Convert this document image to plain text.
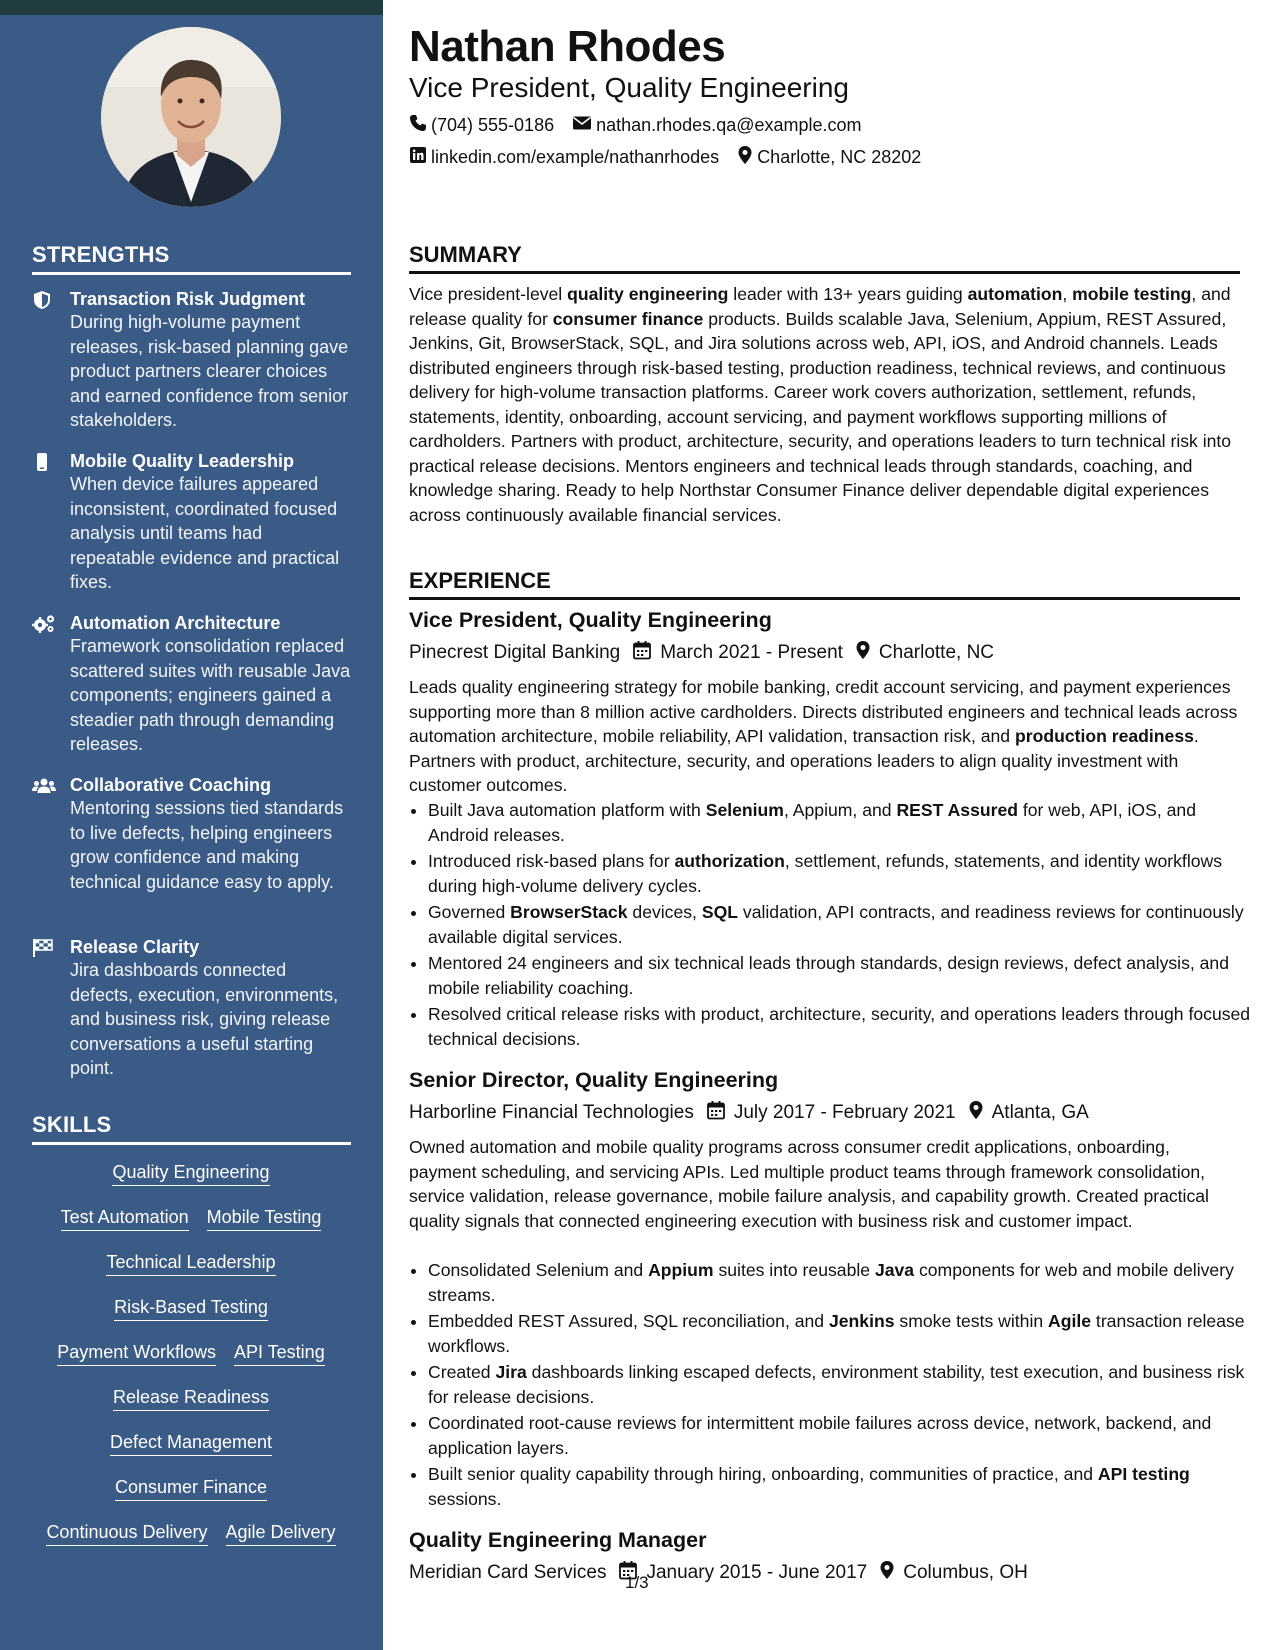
STRENGTHS
Transaction Risk Judgment
During high-volume payment releases, risk-based planning gave product partners clearer choices and earned confidence from senior stakeholders.
Mobile Quality Leadership
When device failures appeared inconsistent, coordinated focused analysis until teams had repeatable evidence and practical fixes.
Automation Architecture
Framework consolidation replaced scattered suites with reusable Java components; engineers gained a steadier path through demanding releases.
Collaborative Coaching
Mentoring sessions tied standards to live defects, helping engineers grow confidence and making technical guidance easy to apply.
Release Clarity
Jira dashboards connected defects, execution, environments, and business risk, giving release conversations a useful starting point.
SKILLS
Quality Engineering
Test Automation Mobile Testing
Technical Leadership
Risk-Based Testing
Payment Workflows API Testing
Release Readiness
Defect Management
Consumer Finance
Continuous Delivery Agile Delivery
Nathan Rhodes
Vice President, Quality Engineering
(704) 555-0186 nathan.rhodes.qa@example.com
linkedin.com/example/nathanrhodes Charlotte, NC 28202
SUMMARY
Vice president-level quality engineering leader with 13+ years guiding automation, mobile testing, and release quality for consumer finance products. Builds scalable Java, Selenium, Appium, REST Assured, Jenkins, Git, BrowserStack, SQL, and Jira solutions across web, API, iOS, and Android channels. Leads distributed engineers through risk-based testing, production readiness, technical reviews, and continuous delivery for high-volume transaction platforms. Career work covers authorization, settlement, refunds, statements, identity, onboarding, account servicing, and payment workflows supporting millions of cardholders. Partners with product, architecture, security, and operations leaders to turn technical risk into practical release decisions. Mentors engineers and technical leads through standards, coaching, and knowledge sharing. Ready to help Northstar Consumer Finance deliver dependable digital experiences across continuously available financial services.
EXPERIENCE
Vice President, Quality Engineering
Pinecrest Digital Banking March 2021 - Present Charlotte, NC
Leads quality engineering strategy for mobile banking, credit account servicing, and payment experiences supporting more than 8 million active cardholders. Directs distributed engineers and technical leads across automation architecture, mobile reliability, API validation, transaction risk, and production readiness. Partners with product, architecture, security, and operations leaders to align quality investment with customer outcomes.
• Built Java automation platform with Selenium, Appium, and REST Assured for web, API, iOS, and Android releases.
• Introduced risk-based plans for authorization, settlement, refunds, statements, and identity workflows during high-volume delivery cycles.
• Governed BrowserStack devices, SQL validation, API contracts, and readiness reviews for continuously available digital services.
• Mentored 24 engineers and six technical leads through standards, design reviews, defect analysis, and mobile reliability coaching.
• Resolved critical release risks with product, architecture, security, and operations leaders through focused technical decisions.
Senior Director, Quality Engineering
Harborline Financial Technologies July 2017 - February 2021 Atlanta, GA
Owned automation and mobile quality programs across consumer credit applications, onboarding, payment scheduling, and servicing APIs. Led multiple product teams through framework consolidation, service validation, release governance, mobile failure analysis, and capability growth. Created practical quality signals that connected engineering execution with business risk and customer impact.
• Consolidated Selenium and Appium suites into reusable Java components for web and mobile delivery streams.
• Embedded REST Assured, SQL reconciliation, and Jenkins smoke tests within Agile transaction release workflows.
• Created Jira dashboards linking escaped defects, environment stability, test execution, and business risk for release decisions.
• Coordinated root-cause reviews for intermittent mobile failures across device, network, backend, and application layers.
• Built senior quality capability through hiring, onboarding, communities of practice, and API testing sessions.
Quality Engineering Manager
Meridian Card Services January 2015 - June 2017 Columbus, OH
1/3
